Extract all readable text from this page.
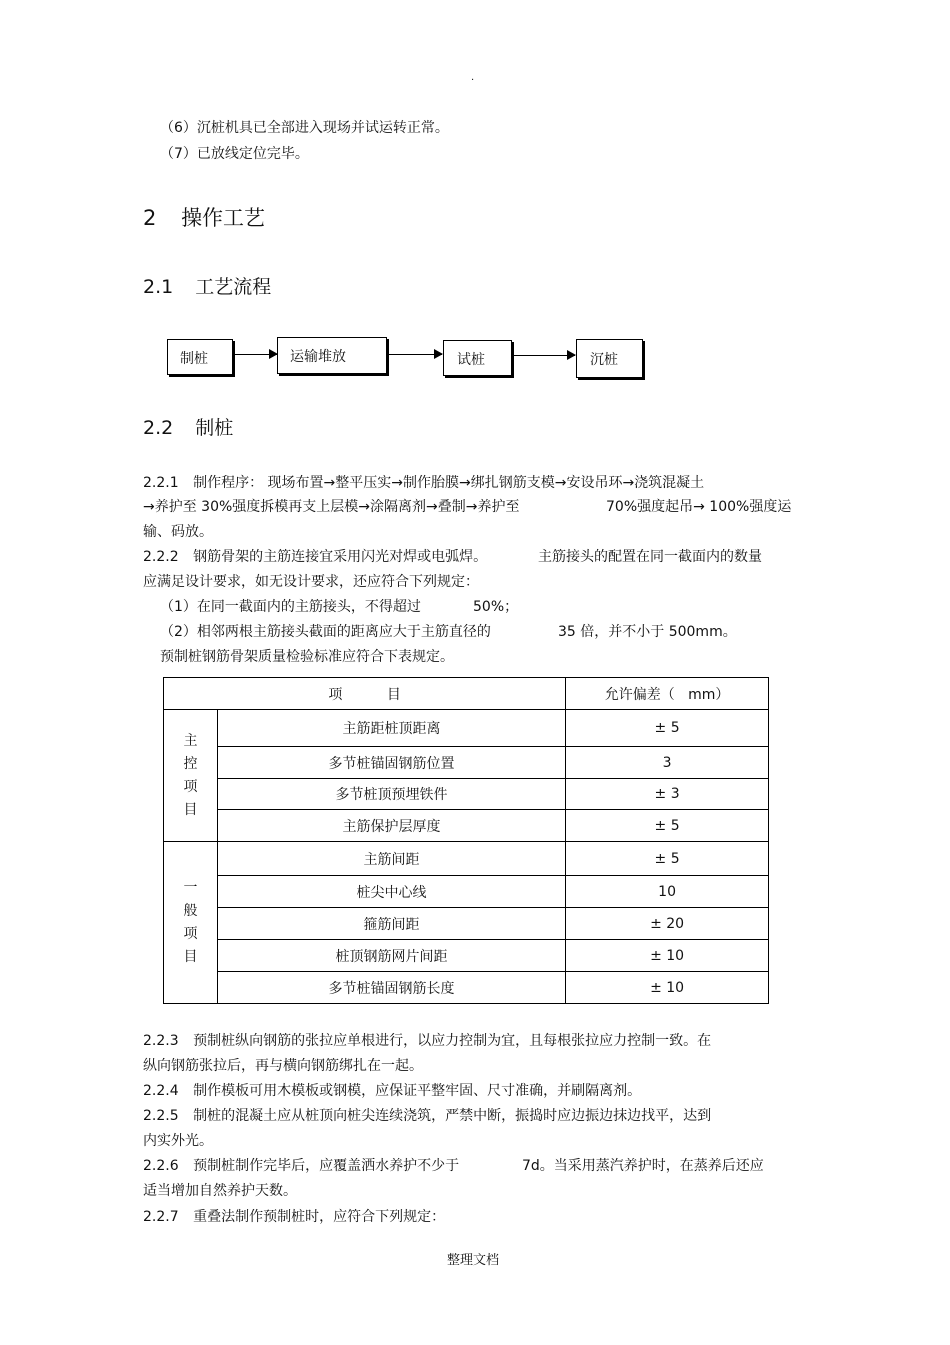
·
（6）沉桩机具已全部进入现场并试运转正常。
（7）已放线定位完毕。
2 操作工艺
2.1 工艺流程
制桩	运输堆放	试桩	沉桩
2.2 制桩
2.2.1 制作程序： 现场布置→整平压实→制作胎膜→绑扎钢筋支模→安设吊环→浇筑混凝土
→养护至 30%强度拆模再支上层模→涂隔离剂→叠制→养护至	70%强度起吊→ 100%强度运
输、码放。
2.2.2 钢筋骨架的主筋连接宜采用闪光对焊或电弧焊。	主筋接头的配置在同一截面内的数量
应满足设计要求，如无设计要求，还应符合下列规定：
（1）在同一截面内的主筋接头，不得超过	50%；
（2）相邻两根主筋接头截面的距离应大于主筋直径的	35 倍，并不小于 500mm。
预制桩钢筋骨架质量检验标准应符合下表规定。
项          目		允许偏差（   mm）

主
控
项
目	主筋距桩顶距离	± 5
	多节桩锚固钢筋位置	3
	多节桩顶预埋铁件	± 3
	主筋保护层厚度	± 5

一
般
项
目	主筋间距	± 5
	桩尖中心线	10
	箍筋间距	± 20
	桩顶钢筋网片间距	± 10
	多节桩锚固钢筋长度	± 10
2.2.3 预制桩纵向钢筋的张拉应单根进行，以应力控制为宜，且每根张拉应力控制一致。在
纵向钢筋张拉后，再与横向钢筋绑扎在一起。
2.2.4 制作模板可用木模板或钢模，应保证平整牢固、尺寸准确，并刷隔离剂。
2.2.5 制桩的混凝土应从桩顶向桩尖连续浇筑，严禁中断，振捣时应边振边抹边找平，达到
内实外光。
2.2.6 预制桩制作完毕后，应覆盖洒水养护不少于	7d。当采用蒸汽养护时，在蒸养后还应
适当增加自然养护天数。
2.2.7 重叠法制作预制桩时，应符合下列规定：
整理文档
